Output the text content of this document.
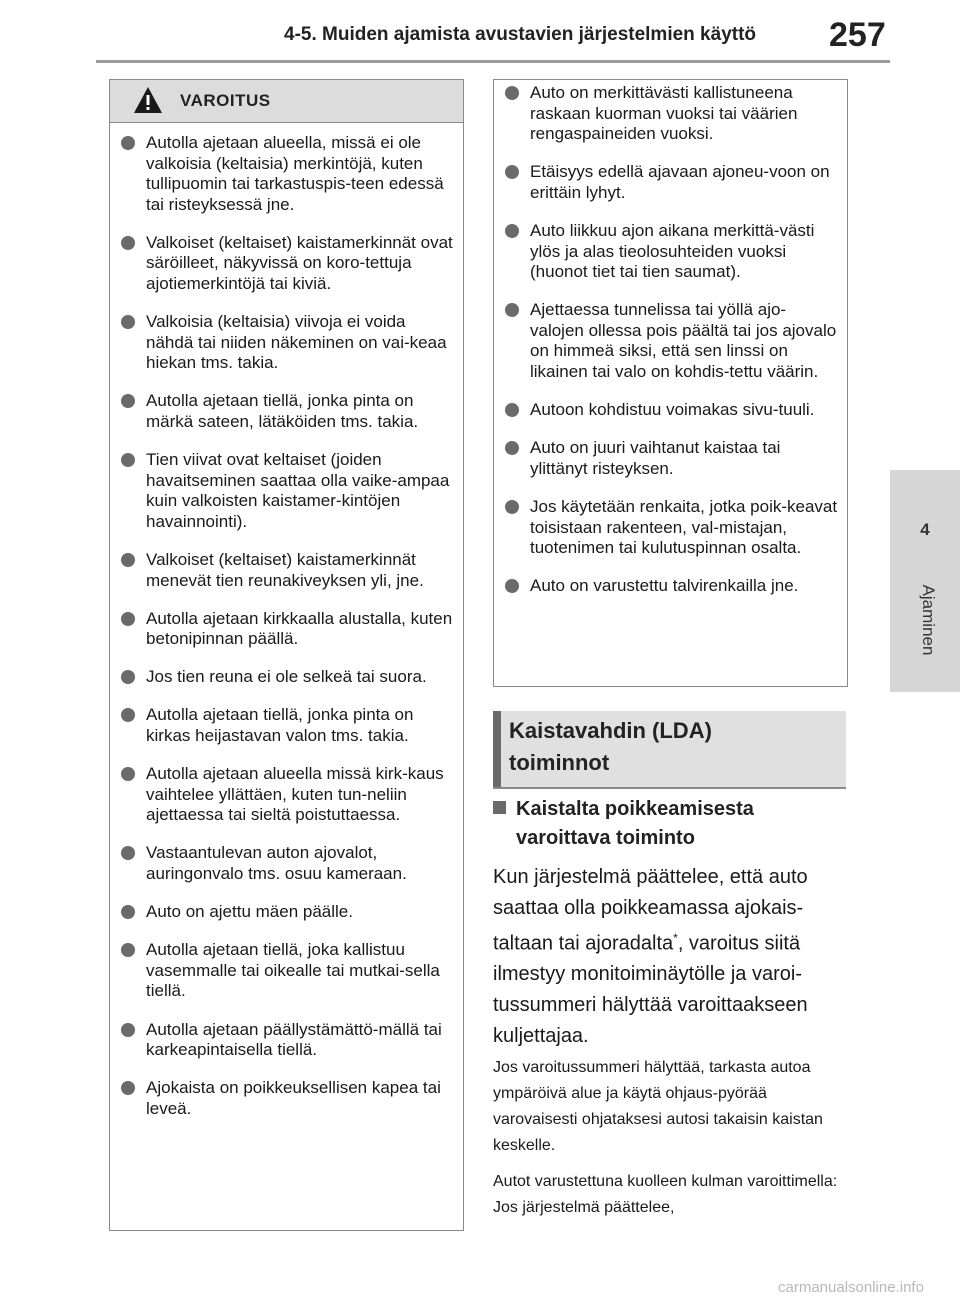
4-5. Muiden ajamista avustavien järjestelmien käyttö 257
4
Ajaminen
VAROITUS
Autolla ajetaan alueella, missä ei ole valkoisia (keltaisia) merkintöjä, kuten tullipuomin tai tarkastuspis-teen edessä tai risteyksessä jne.
Valkoiset (keltaiset) kaistamerkinnät ovat säröilleet, näkyvissä on koro-tettuja ajotiemerkintöjä tai kiviä.
Valkoisia (keltaisia) viivoja ei voida nähdä tai niiden näkeminen on vai-keaa hiekan tms. takia.
Autolla ajetaan tiellä, jonka pinta on märkä sateen, lätäköiden tms. takia.
Tien viivat ovat keltaiset (joiden havaitseminen saattaa olla vaike-ampaa kuin valkoisten kaistamer-kintöjen havainnointi).
Valkoiset (keltaiset) kaistamerkinnät menevät tien reunakiveyksen yli, jne.
Autolla ajetaan kirkkaalla alustalla, kuten betonipinnan päällä.
Jos tien reuna ei ole selkeä tai suora.
Autolla ajetaan tiellä, jonka pinta on kirkas heijastavan valon tms. takia.
Autolla ajetaan alueella missä kirk-kaus vaihtelee yllättäen, kuten tun-neliin ajettaessa tai sieltä poistuttaessa.
Vastaantulevan auton ajovalot, auringonvalo tms. osuu kameraan.
Auto on ajettu mäen päälle.
Autolla ajetaan tiellä, joka kallistuu vasemmalle tai oikealle tai mutkai-sella tiellä.
Autolla ajetaan päällystämättö-mällä tai karkeapintaisella tiellä.
Ajokaista on poikkeuksellisen kapea tai leveä.
Auto on merkittävästi kallistuneena raskaan kuorman vuoksi tai väärien rengaspaineiden vuoksi.
Etäisyys edellä ajavaan ajoneu-voon on erittäin lyhyt.
Auto liikkuu ajon aikana merkittä-västi ylös ja alas tieolosuhteiden vuoksi (huonot tiet tai tien saumat).
Ajettaessa tunnelissa tai yöllä ajo-valojen ollessa pois päältä tai jos ajovalo on himmeä siksi, että sen linssi on likainen tai valo on kohdis-tettu väärin.
Autoon kohdistuu voimakas sivu-tuuli.
Auto on juuri vaihtanut kaistaa tai ylittänyt risteyksen.
Jos käytetään renkaita, jotka poik-keavat toisistaan rakenteen, val-mistajan, tuotenimen tai kulutuspinnan osalta.
Auto on varustettu talvirenkailla jne.
Kaistavahdin (LDA)
toiminnot
Kaistalta poikkeamisesta
varoittava toiminto
Kun järjestelmä päättelee, että auto saattaa olla poikkeamassa ajokais-taltaan tai ajoradalta*, varoitus siitä ilmestyy monitoiminäytölle ja varoi-tussummeri hälyttää varoittaakseen kuljettajaa.
Jos varoitussummeri hälyttää, tarkasta autoa ympäröivä alue ja käytä ohjaus-pyörää varovaisesti ohjataksesi autosi takaisin kaistan keskelle.
Autot varustettuna kuolleen kulman varoittimella: Jos järjestelmä päättelee,
carmanualsonline.info
